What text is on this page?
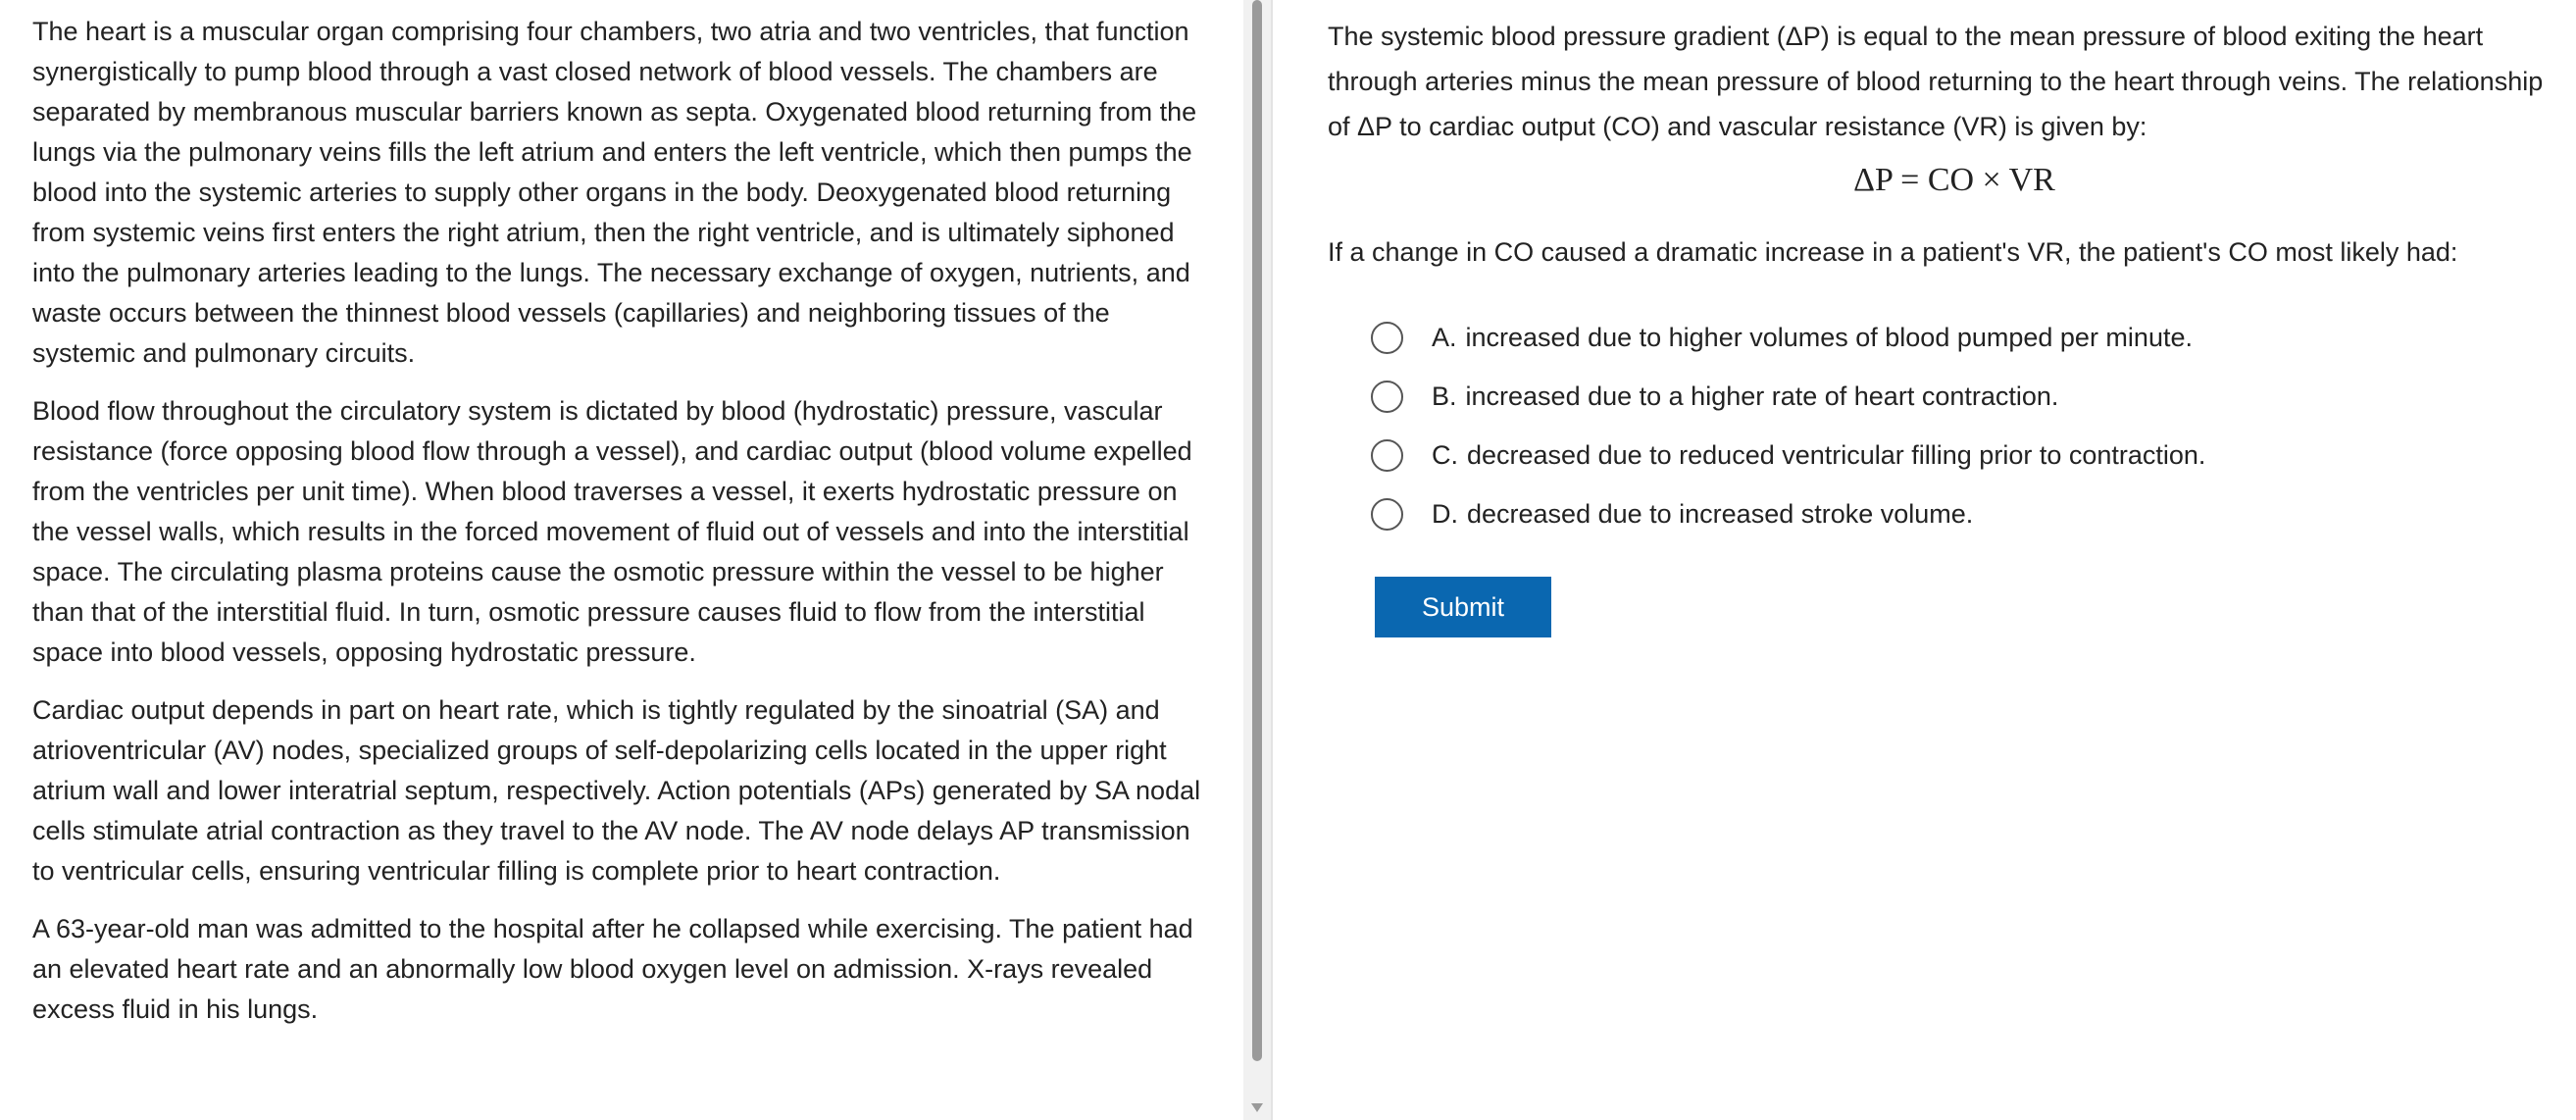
The heart is a muscular organ comprising four chambers, two atria and two ventricles, that function synergistically to pump blood through a vast closed network of blood vessels. The chambers are separated by membranous muscular barriers known as septa. Oxygenated blood returning from the lungs via the pulmonary veins fills the left atrium and enters the left ventricle, which then pumps the blood into the systemic arteries to supply other organs in the body. Deoxygenated blood returning from systemic veins first enters the right atrium, then the right ventricle, and is ultimately siphoned into the pulmonary arteries leading to the lungs. The necessary exchange of oxygen, nutrients, and waste occurs between the thinnest blood vessels (capillaries) and neighboring tissues of the systemic and pulmonary circuits.

Blood flow throughout the circulatory system is dictated by blood (hydrostatic) pressure, vascular resistance (force opposing blood flow through a vessel), and cardiac output (blood volume expelled from the ventricles per unit time). When blood traverses a vessel, it exerts hydrostatic pressure on the vessel walls, which results in the forced movement of fluid out of vessels and into the interstitial space. The circulating plasma proteins cause the osmotic pressure within the vessel to be higher than that of the interstitial fluid. In turn, osmotic pressure causes fluid to flow from the interstitial space into blood vessels, opposing hydrostatic pressure.

Cardiac output depends in part on heart rate, which is tightly regulated by the sinoatrial (SA) and atrioventricular (AV) nodes, specialized groups of self-depolarizing cells located in the upper right atrium wall and lower interatrial septum, respectively. Action potentials (APs) generated by SA nodal cells stimulate atrial contraction as they travel to the AV node. The AV node delays AP transmission to ventricular cells, ensuring ventricular filling is complete prior to heart contraction.

A 63-year-old man was admitted to the hospital after he collapsed while exercising. The patient had an elevated heart rate and an abnormally low blood oxygen level on admission. X-rays revealed excess fluid in his lungs.

The systemic blood pressure gradient (ΔP) is equal to the mean pressure of blood exiting the heart through arteries minus the mean pressure of blood returning to the heart through veins. The relationship of ΔP to cardiac output (CO) and vascular resistance (VR) is given by:

ΔP = CO × VR

If a change in CO caused a dramatic increase in a patient's VR, the patient's CO most likely had:

A. increased due to higher volumes of blood pumped per minute.
B. increased due to a higher rate of heart contraction.
C. decreased due to reduced ventricular filling prior to contraction.
D. decreased due to increased stroke volume.
Submit
